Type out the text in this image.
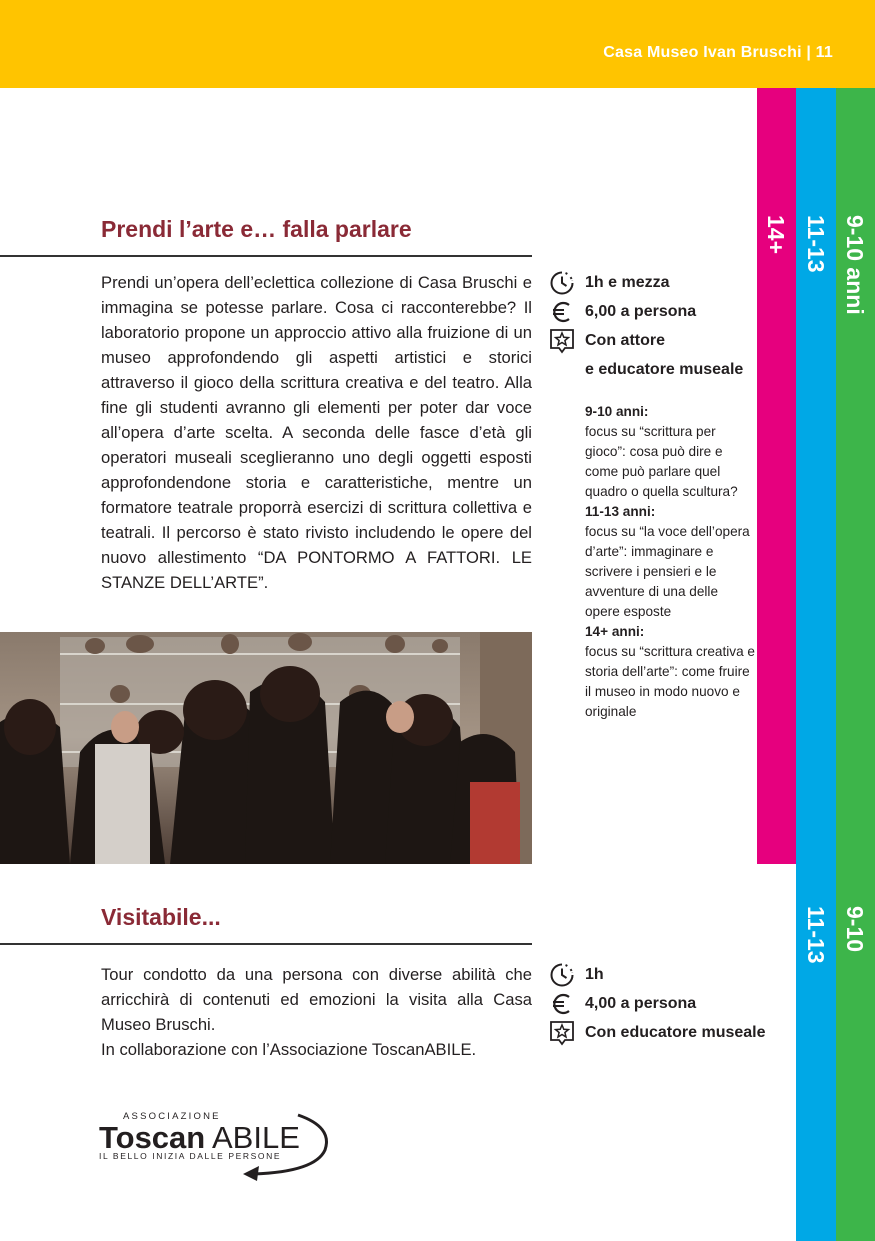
Casa Museo Ivan Bruschi | 11
14+ 11-13 9-10 anni
11-13 9-10
Prendi l’arte e… falla parlare

Prendi un’opera dell’eclettica collezione di Casa Bruschi e immagina se potesse parlare. Cosa ci racconterebbe? Il laboratorio propone un approccio attivo alla fruizione di un museo approfondendo gli aspetti artistici e storici attraverso il gioco della scrittura creativa e del teatro. Alla fine gli studenti avranno gli elementi per poter dar voce all’opera d’arte scelta. A seconda delle fasce d’età gli operatori museali sceglieranno uno degli oggetti esposti approfondendone storia e caratteristiche, mentre un formatore teatrale proporrà esercizi di scrittura collettiva e teatrali. Il percorso è stato rivisto includendo le opere del nuovo allestimento “DA PONTORMO A FATTORI. LE STANZE DELL’ARTE”.

1h e mezza
6,00 a persona
Con attore
e educatore museale
9-10 anni:
focus su “scrittura per gioco”: cosa può dire e come può parlare quel quadro o quella scultura?
11-13 anni:
focus su “la voce dell’opera d’arte”: immaginare e scrivere i pensieri e le avventure di una delle opere esposte
14+ anni:
focus su “scrittura creativa e storia dell’arte”: come fruire il museo in modo nuovo e originale
Visitabile...

Tour condotto da una persona con diverse abilità che arricchirà di contenuti ed emozioni la visita alla Casa Museo Bruschi.

In collaborazione con l’Associazione ToscanABILE.

1h
4,00 a persona
Con educatore museale
ASSOCIAZIONE
Toscan ABILE
IL BELLO INIZIA DALLE PERSONE
